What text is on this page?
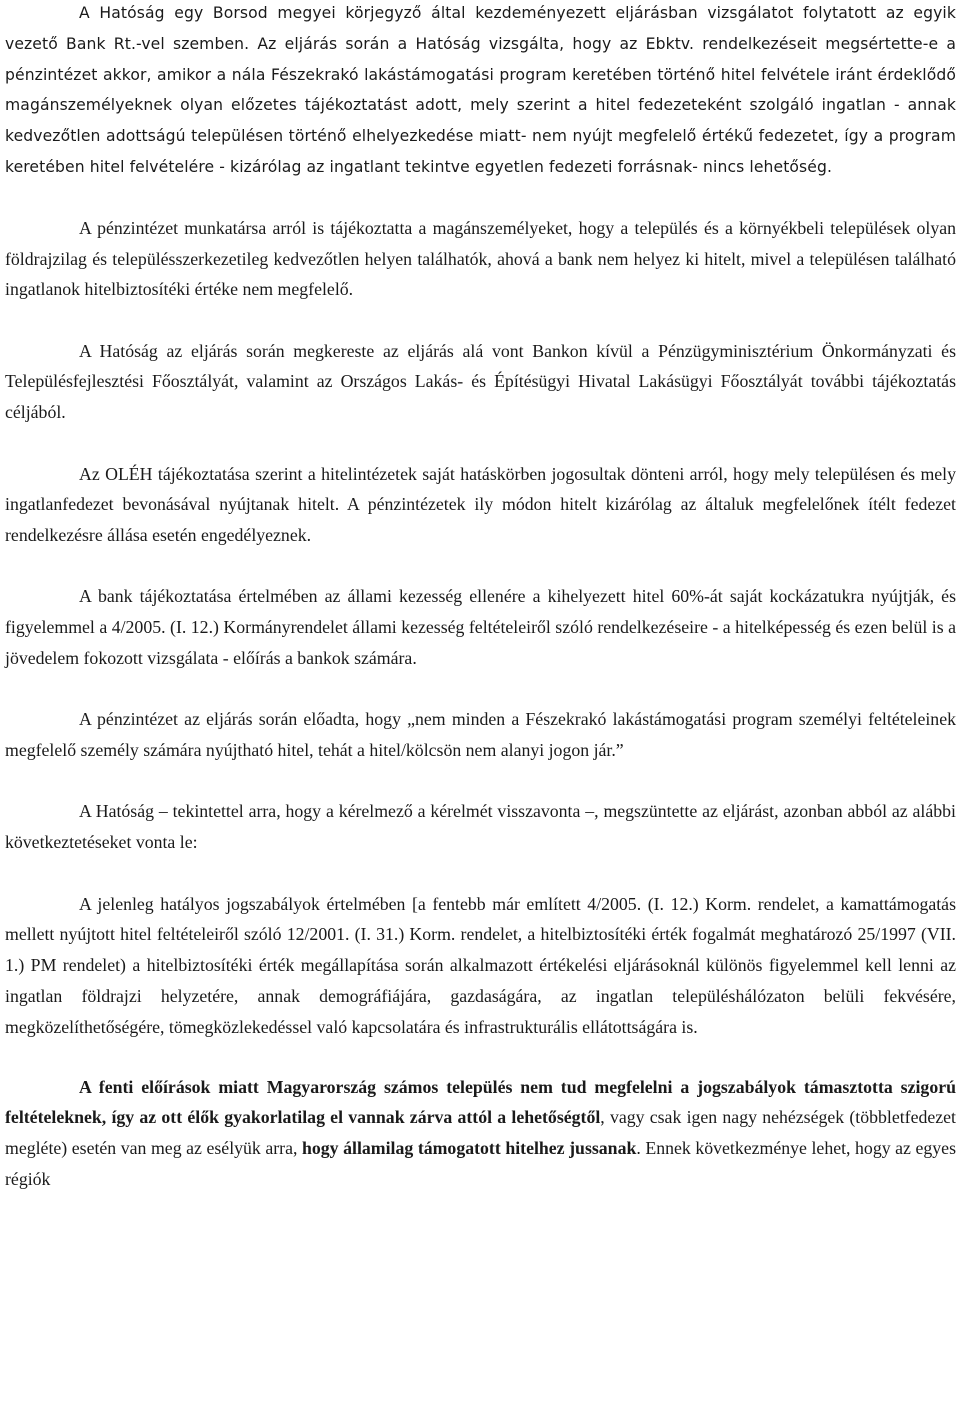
A Hatóság egy Borsod megyei körjegyző által kezdeményezett eljárásban vizsgálatot folytatott az egyik vezető Bank Rt.-vel szemben. Az eljárás során a Hatóság vizsgálta, hogy az Ebktv. rendelkezéseit megsértette-e a pénzintézet akkor, amikor a nála Fészekrakó lakástámogatási program keretében történő hitel felvétele iránt érdeklődő magánszemélyeknek olyan előzetes tájékoztatást adott, mely szerint a hitel fedezeteként szolgáló ingatlan - annak kedvezőtlen adottságú településen történő elhelyezkedése miatt- nem nyújt megfelelő értékű fedezetet, így a program keretében hitel felvételére - kizárólag az ingatlant tekintve egyetlen fedezeti forrásnak- nincs lehetőség.

A pénzintézet munkatársa arról is tájékoztatta a magánszemélyeket, hogy a település és a környékbeli települések olyan földrajzilag és településszerkezetileg kedvezőtlen helyen találhatók, ahová a bank nem helyez ki hitelt, mivel a településen található ingatlanok hitelbiztosítéki értéke nem megfelelő.

A Hatóság az eljárás során megkereste az eljárás alá vont Bankon kívül a Pénzügyminisztérium Önkormányzati és Településfejlesztési Főosztályát, valamint az Országos Lakás- és Építésügyi Hivatal Lakásügyi Főosztályát további tájékoztatás céljából.

Az OLÉH tájékoztatása szerint a hitelintézetek saját hatáskörben jogosultak dönteni arról, hogy mely településen és mely ingatlanfedezet bevonásával nyújtanak hitelt. A pénzintézetek ily módon hitelt kizárólag az általuk megfelelőnek ítélt fedezet rendelkezésre állása esetén engedélyeznek.

A bank tájékoztatása értelmében az állami kezesség ellenére a kihelyezett hitel 60%-át saját kockázatukra nyújtják, és figyelemmel a 4/2005. (I. 12.) Kormányrendelet állami kezesség feltételeiről szóló rendelkezéseire - a hitelképesség és ezen belül is a jövedelem fokozott vizsgálata - előírás a bankok számára.

A pénzintézet az eljárás során előadta, hogy „nem minden a Fészekrakó lakástámogatási program személyi feltételeinek megfelelő személy számára nyújtható hitel, tehát a hitel/kölcsön nem alanyi jogon jár.”

A Hatóság – tekintettel arra, hogy a kérelmező a kérelmét visszavonta –, megszüntette az eljárást, azonban abból az alábbi következtetéseket vonta le:

A jelenleg hatályos jogszabályok értelmében [a fentebb már említett 4/2005. (I. 12.) Korm. rendelet, a kamattámogatás mellett nyújtott hitel feltételeiről szóló 12/2001. (I. 31.) Korm. rendelet, a hitelbiztosítéki érték fogalmát meghatározó 25/1997 (VII. 1.) PM rendelet) a hitelbiztosítéki érték megállapítása során alkalmazott értékelési eljárásoknál különös figyelemmel kell lenni az ingatlan földrajzi helyzetére, annak demográfiájára, gazdaságára, az ingatlan településhálózaton belüli fekvésére, megközelíthetőségére, tömegközlekedéssel való kapcsolatára és infrastrukturális ellátottságára is.

A fenti előírások miatt Magyarország számos település nem tud megfelelni a jogszabályok támasztotta szigorú feltételeknek, így az ott élők gyakorlatilag el vannak zárva attól a lehetőségtől, vagy csak igen nagy nehézségek (többletfedezet megléte) esetén van meg az esélyük arra, hogy államilag támogatott hitelhez jussanak. Ennek következménye lehet, hogy az egyes régiók
